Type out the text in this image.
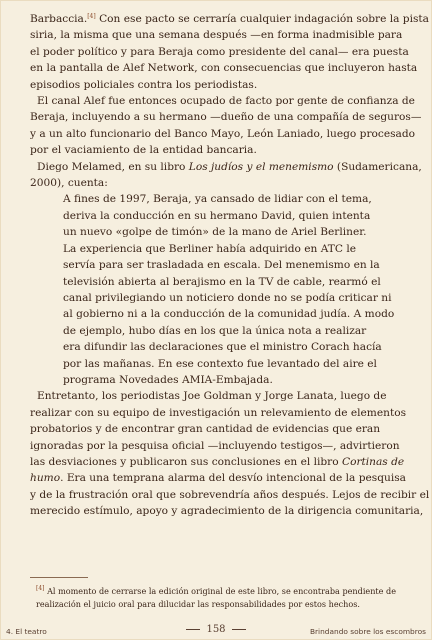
Barbaccia.[4] Con ese pacto se cerraría cualquier indagación sobre la pista
siria, la misma que una semana después —en forma inadmisible para
el poder político y para Beraja como presidente del canal— era puesta
en la pantalla de Alef Network, con consecuencias que incluyeron hasta
episodios policiales contra los periodistas.
El canal Alef fue entonces ocupado de facto por gente de confianza de
Beraja, incluyendo a su hermano —dueño de una compañía de seguros—
y a un alto funcionario del Banco Mayo, León Laniado, luego procesado
por el vaciamiento de la entidad bancaria.
Diego Melamed, en su libro Los judíos y el menemismo (Sudamericana,
2000), cuenta:
A fines de 1997, Beraja, ya cansado de lidiar con el tema,
deriva la conducción en su hermano David, quien intenta
un nuevo «golpe de timón» de la mano de Ariel Berliner.
La experiencia que Berliner había adquirido en ATC le
servía para ser trasladada en escala. Del menemismo en la
televisión abierta al berajismo en la TV de cable, rearmó el
canal privilegiando un noticiero donde no se podía criticar ni
al gobierno ni a la conducción de la comunidad judía. A modo
de ejemplo, hubo días en los que la única nota a realizar
era difundir las declaraciones que el ministro Corach hacía
por las mañanas. En ese contexto fue levantado del aire el
programa Novedades AMIA-Embajada.
Entretanto, los periodistas Joe Goldman y Jorge Lanata, luego de
realizar con su equipo de investigación un relevamiento de elementos
probatorios y de encontrar gran cantidad de evidencias que eran
ignoradas por la pesquisa oficial —incluyendo testigos—, advirtieron
las desviaciones y publicaron sus conclusiones en el libro Cortinas de
humo. Era una temprana alarma del desvío intencional de la pesquisa
y de la frustración oral que sobrevendría años después. Lejos de recibir el
merecido estímulo, apoyo y agradecimiento de la dirigencia comunitaria,
[4] Al momento de cerrarse la edición original de este libro, se encontraba pendiente de
realización el juicio oral para dilucidar las responsabilidades por estos hechos.
4. El teatro	158	Brindando sobre los escombros
